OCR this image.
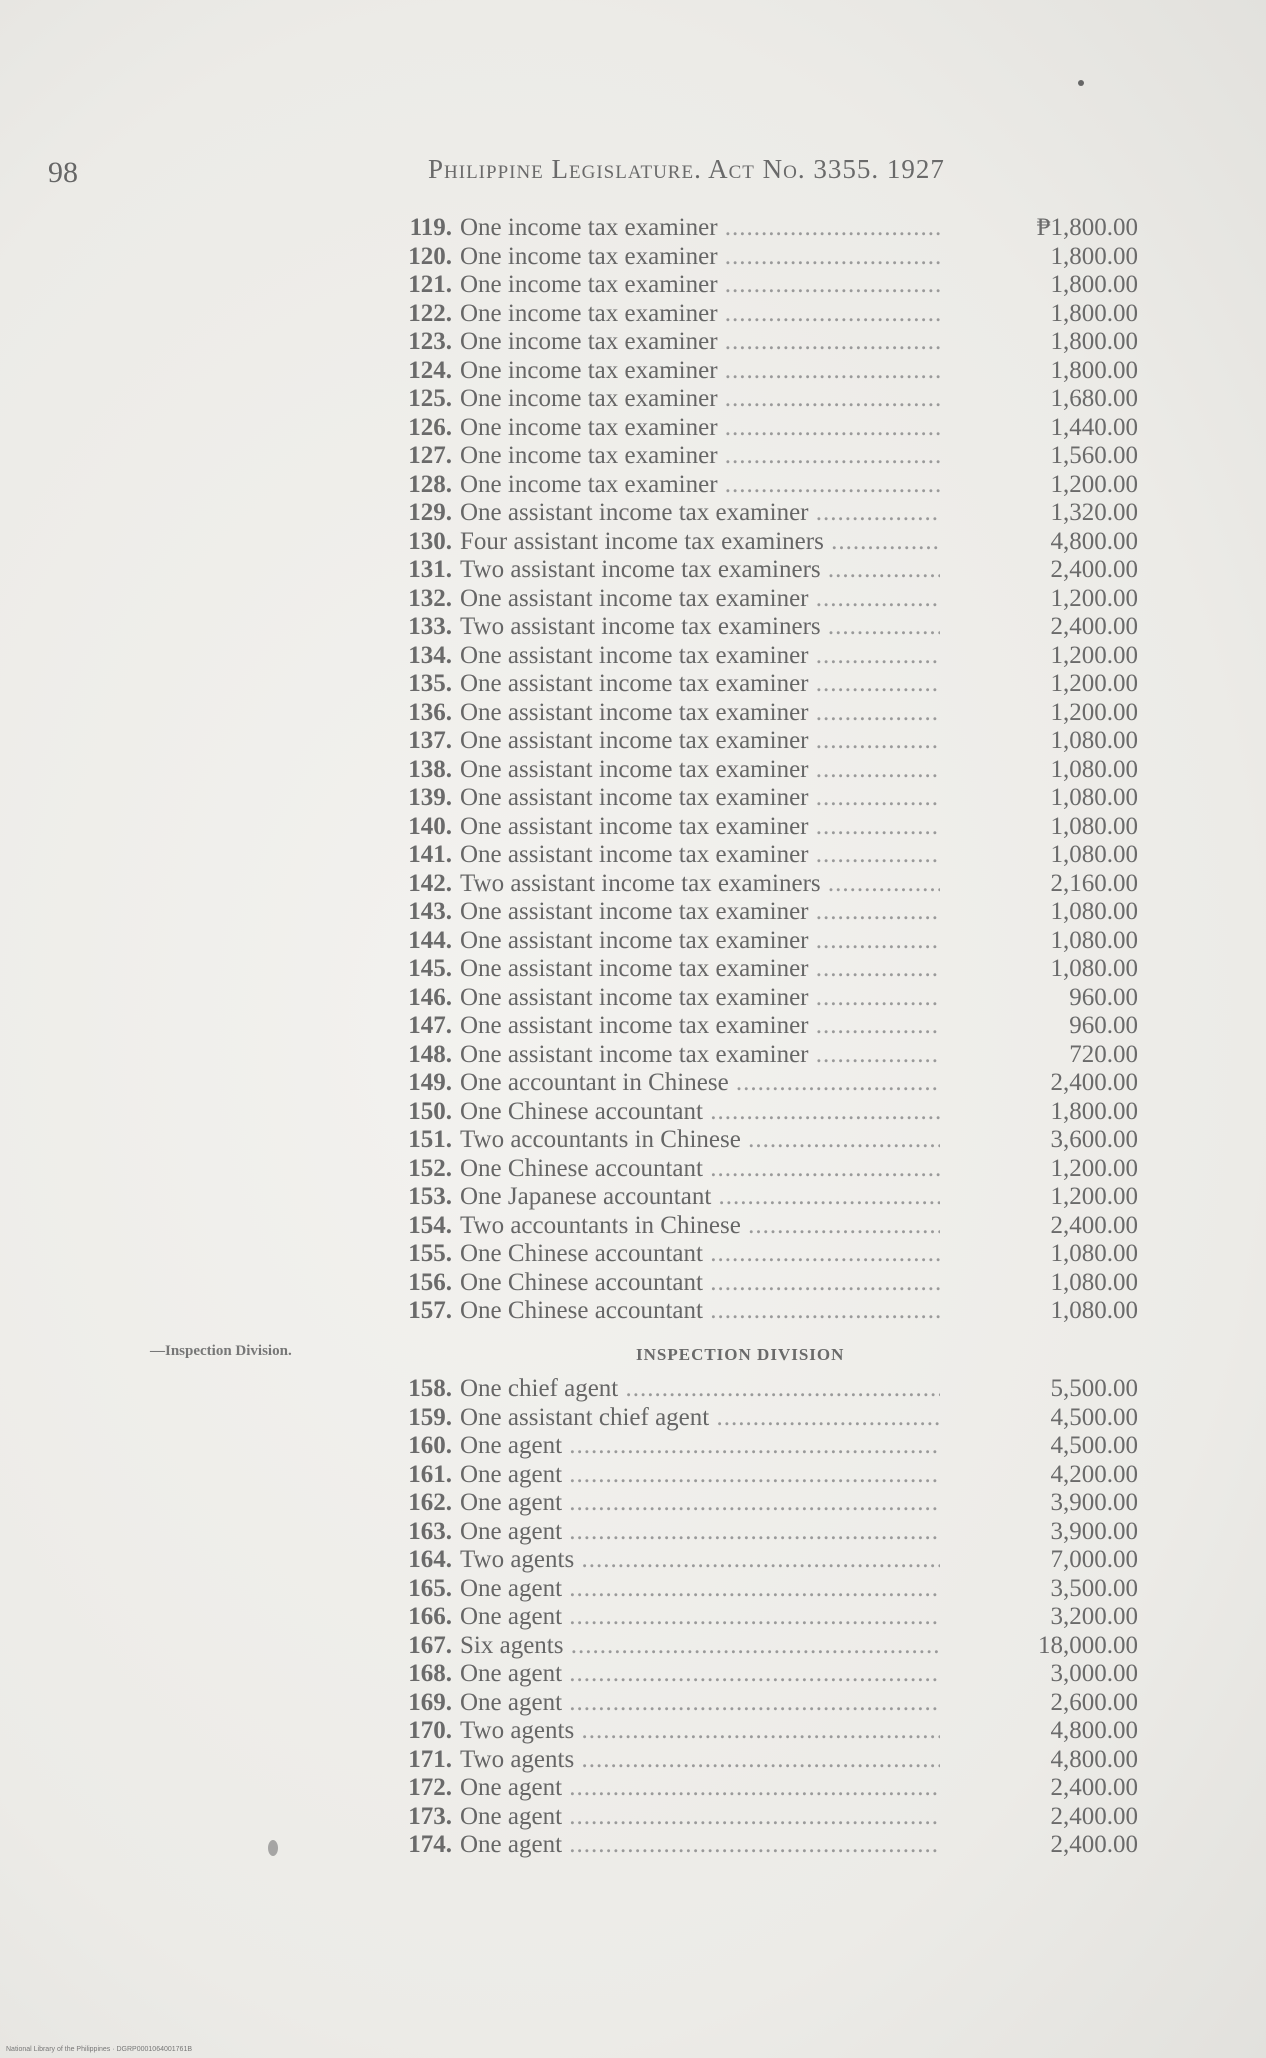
98	Philippine Legislature. Act No. 3355. 1927
119. One income tax examiner .....	₱1,800.00
120. One income tax examiner .....	1,800.00
121. One income tax examiner .....	1,800.00
122. One income tax examiner .....	1,800.00
123. One income tax examiner .....	1,800.00
124. One income tax examiner .....	1,800.00
125. One income tax examiner .....	1,680.00
126. One income tax examiner .....	1,440.00
127. One income tax examiner .....	1,560.00
128. One income tax examiner .....	1,200.00
129. One assistant income tax examiner .....	1,320.00
130. Four assistant income tax examiners .....	4,800.00
131. Two assistant income tax examiners .....	2,400.00
132. One assistant income tax examiner .....	1,200.00
133. Two assistant income tax examiners .....	2,400.00
134. One assistant income tax examiner .....	1,200.00
135. One assistant income tax examiner .....	1,200.00
136. One assistant income tax examiner .....	1,200.00
137. One assistant income tax examiner .....	1,080.00
138. One assistant income tax examiner .....	1,080.00
139. One assistant income tax examiner .....	1,080.00
140. One assistant income tax examiner .....	1,080.00
141. One assistant income tax examiner .....	1,080.00
142. Two assistant income tax examiners .....	2,160.00
143. One assistant income tax examiner .....	1,080.00
144. One assistant income tax examiner .....	1,080.00
145. One assistant income tax examiner .....	1,080.00
146. One assistant income tax examiner .....	960.00
147. One assistant income tax examiner .....	960.00
148. One assistant income tax examiner .....	720.00
149. One accountant in Chinese .....	2,400.00
150. One Chinese accountant .....	1,800.00
151. Two accountants in Chinese .....	3,600.00
152. One Chinese accountant .....	1,200.00
153. One Japanese accountant .....	1,200.00
154. Two accountants in Chinese .....	2,400.00
155. One Chinese accountant .....	1,080.00
156. One Chinese accountant .....	1,080.00
157. One Chinese accountant .....	1,080.00
—Inspection Division.	INSPECTION DIVISION
158. One chief agent .....	5,500.00
159. One assistant chief agent .....	4,500.00
160. One agent .....	4,500.00
161. One agent .....	4,200.00
162. One agent .....	3,900.00
163. One agent .....	3,900.00
164. Two agents .....	7,000.00
165. One agent .....	3,500.00
166. One agent .....	3,200.00
167. Six agents .....	18,000.00
168. One agent .....	3,000.00
169. One agent .....	2,600.00
170. Two agents .....	4,800.00
171. Two agents .....	4,800.00
172. One agent .....	2,400.00
173. One agent .....	2,400.00
174. One agent .....	2,400.00
National Library of the Philippines · DGRP0001064001761B
